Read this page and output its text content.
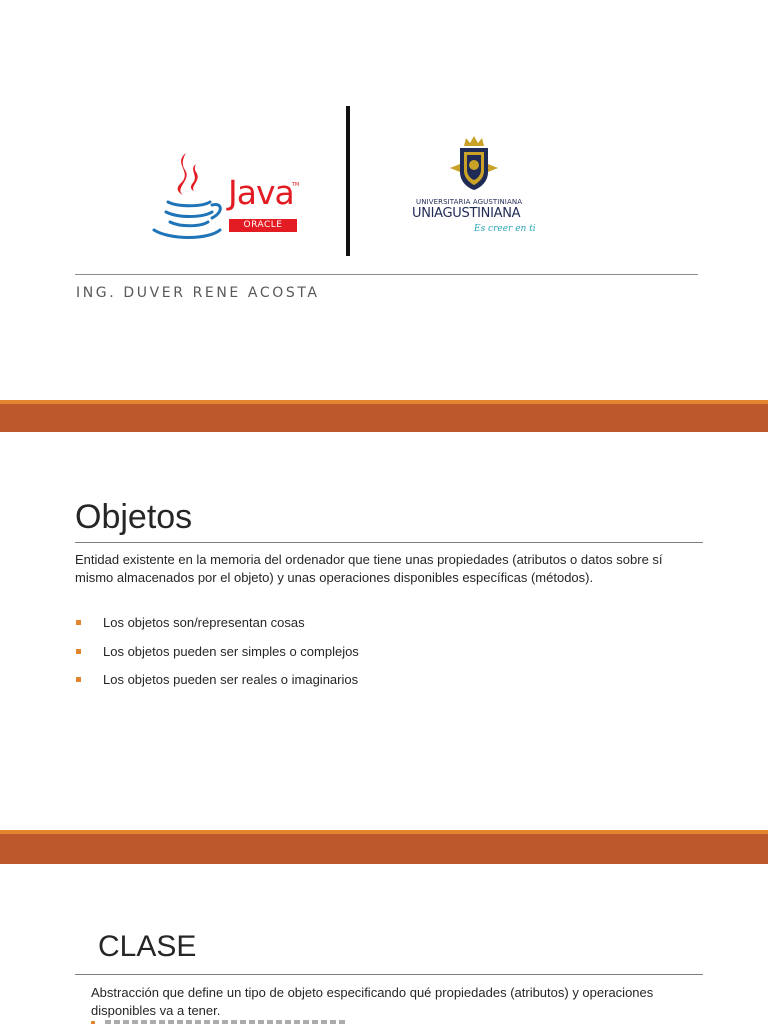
Java
TM
ORACLE
UNIVERSITARIA AGUSTINIANA
UNIAGUSTINIANA
Es creer en ti
ING. DUVER RENE ACOSTA
Objetos

Entidad existente en la memoria del ordenador que tiene unas propiedades (atributos o datos sobre sí mismo almacenados por el objeto) y unas operaciones disponibles específicas (métodos).

Los objetos son/representan cosas
Los objetos pueden ser simples o complejos
Los objetos pueden ser reales o imaginarios
CLASE

Abstracción que define un tipo de objeto especificando qué propiedades (atributos) y operaciones disponibles va a tener.
